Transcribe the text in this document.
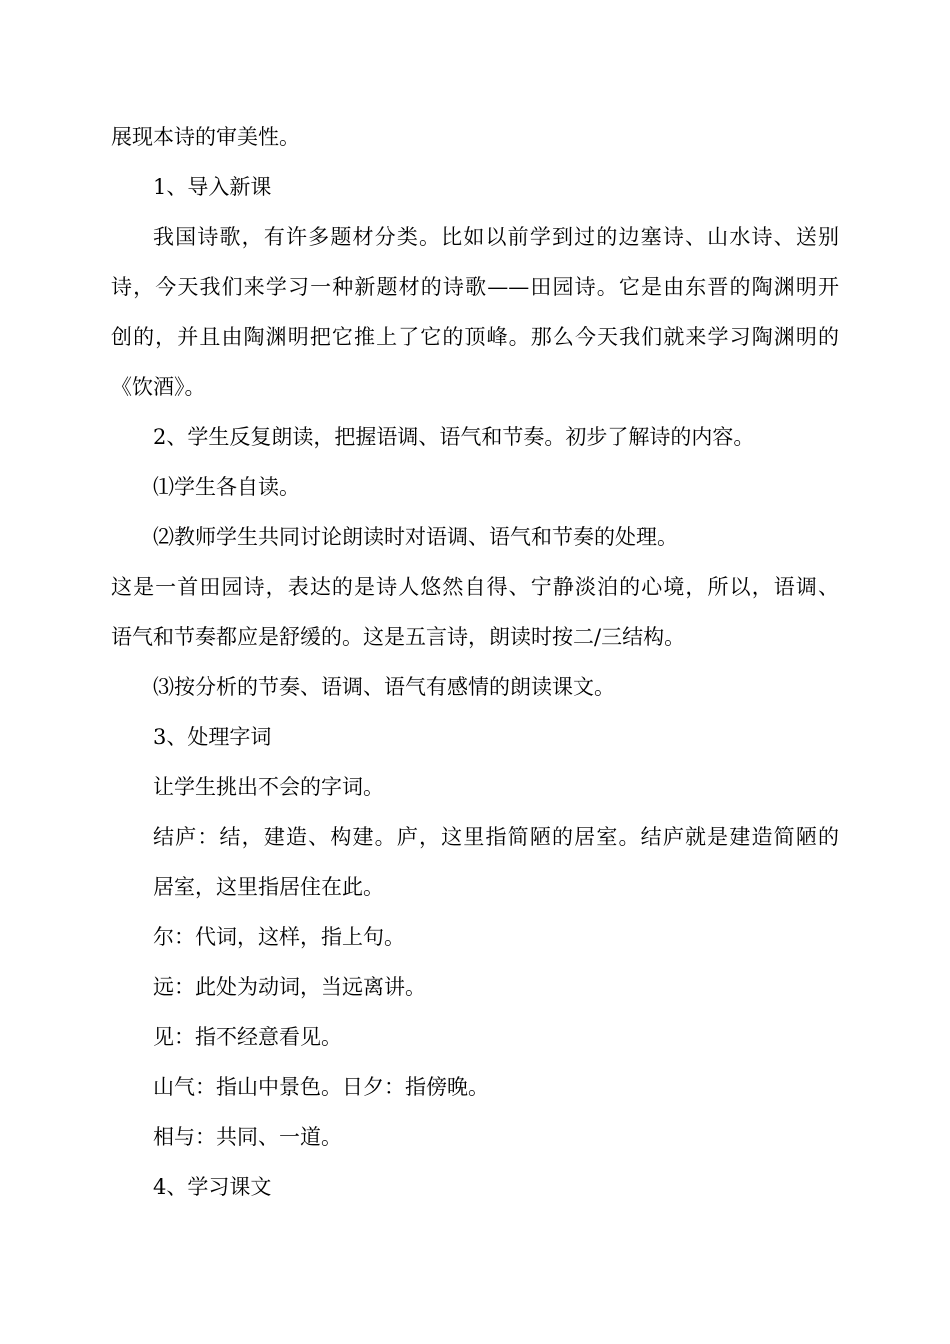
展现本诗的审美性。
1、导入新课
我国诗歌，有许多题材分类。比如以前学到过的边塞诗、山水诗、送别
诗，今天我们来学习一种新题材的诗歌——田园诗。它是由东晋的陶渊明开
创的，并且由陶渊明把它推上了它的顶峰。那么今天我们就来学习陶渊明的
《饮酒》。
2、学生反复朗读，把握语调、语气和节奏。初步了解诗的内容。
⑴学生各自读。
⑵教师学生共同讨论朗读时对语调、语气和节奏的处理。
这是一首田园诗，表达的是诗人悠然自得、宁静淡泊的心境，所以，语调、
语气和节奏都应是舒缓的。这是五言诗，朗读时按二/三结构。
⑶按分析的节奏、语调、语气有感情的朗读课文。
3、处理字词
让学生挑出不会的字词。
结庐：结，建造、构建。庐，这里指简陋的居室。结庐就是建造简陋的
居室，这里指居住在此。
尔：代词，这样，指上句。
远：此处为动词，当远离讲。
见：指不经意看见。
山气：指山中景色。日夕：指傍晚。
相与：共同、一道。
4、学习课文
